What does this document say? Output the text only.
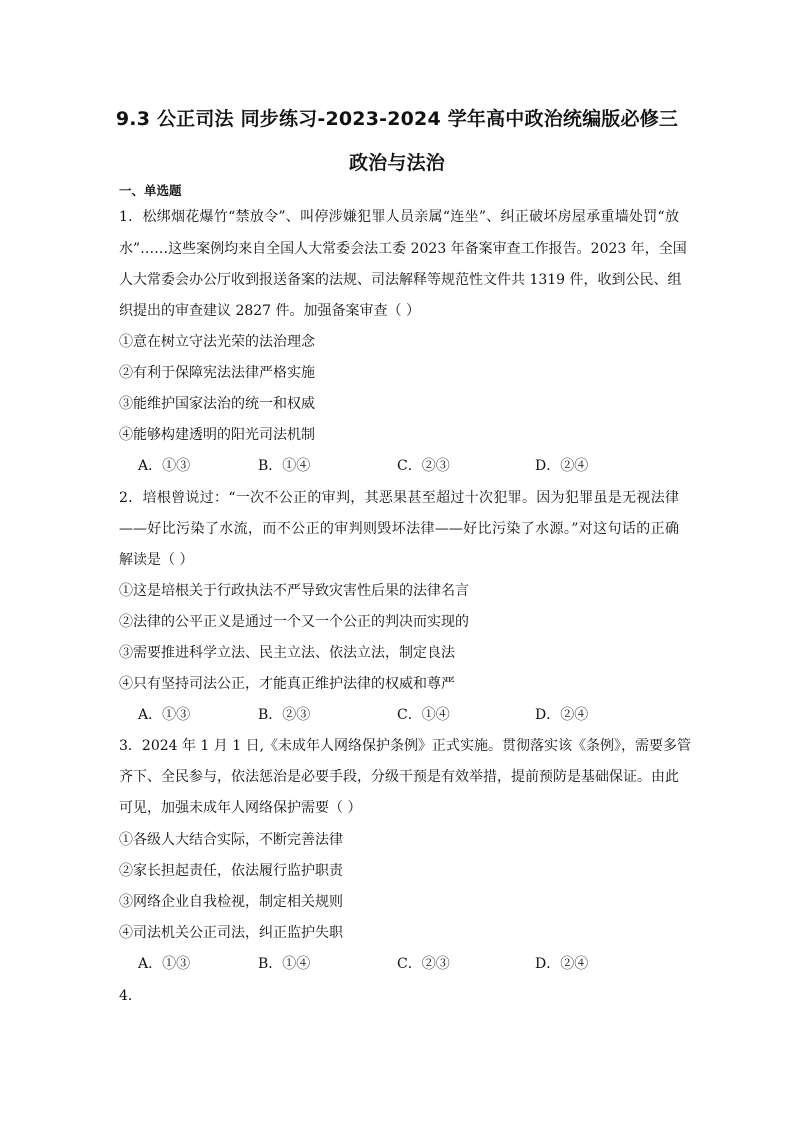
9.3 公正司法 同步练习-2023-2024 学年高中政治统编版必修三
政治与法治
一、单选题
1．松绑烟花爆竹“禁放令”、叫停涉嫌犯罪人员亲属“连坐”、纠正破坏房屋承重墙处罚“放
水”……这些案例均来自全国人大常委会法工委 2023 年备案审查工作报告。2023 年，全国
人大常委会办公厅收到报送备案的法规、司法解释等规范性文件共 1319 件，收到公民、组
织提出的审查建议 2827 件。加强备案审查（ ）
①意在树立守法光荣的法治理念
②有利于保障宪法法律严格实施
③能维护国家法治的统一和权威
④能够构建透明的阳光司法机制
A．①③	B．①④	C．②③	D．②④
2．培根曾说过：“一次不公正的审判，其恶果甚至超过十次犯罪。因为犯罪虽是无视法律
——好比污染了水流，而不公正的审判则毁坏法律——好比污染了水源。”对这句话的正确
解读是（ ）
①这是培根关于行政执法不严导致灾害性后果的法律名言
②法律的公平正义是通过一个又一个公正的判决而实现的
③需要推进科学立法、民主立法、依法立法，制定良法
④只有坚持司法公正，才能真正维护法律的权威和尊严
A．①③	B．②③	C．①④	D．②④
3．2024 年 1 月 1 日,《未成年人网络保护条例》正式实施。贯彻落实该《条例》，需要多管
齐下、全民参与，依法惩治是必要手段，分级干预是有效举措，提前预防是基础保证。由此
可见，加强未成年人网络保护需要（ ）
①各级人大结合实际，不断完善法律
②家长担起责任，依法履行监护职责
③网络企业自我检视，制定相关规则
④司法机关公正司法，纠正监护失职
A．①③	B．①④	C．②③	D．②④
4．
